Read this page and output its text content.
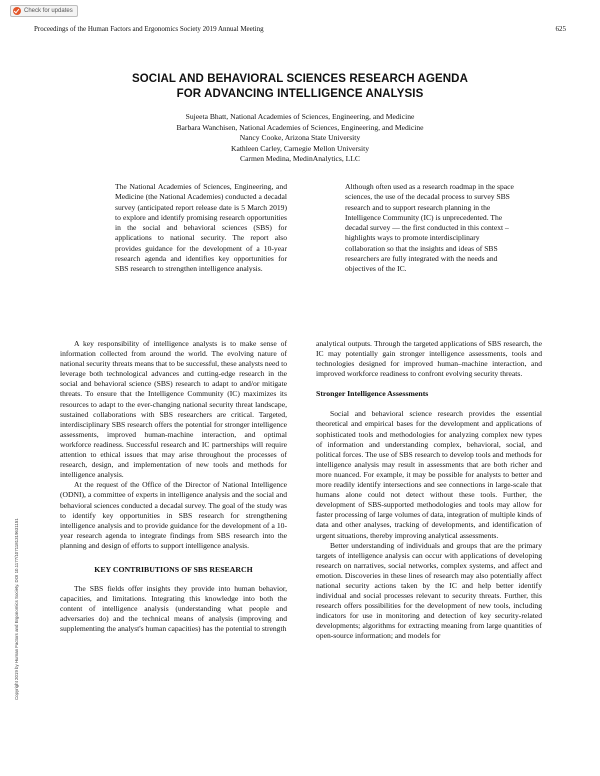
Check for updates
Proceedings of the Human Factors and Ergonomics Society 2019 Annual Meeting	625
SOCIAL AND BEHAVIORAL SCIENCES RESEARCH AGENDA
FOR ADVANCING INTELLIGENCE ANALYSIS
Sujeeta Bhatt, National Academies of Sciences, Engineering, and Medicine
Barbara Wanchisen, National Academies of Sciences, Engineering, and Medicine
Nancy Cooke, Arizona State University
Kathleen Carley, Carnegie Mellon University
Carmen Medina, MedinAnalytics, LLC
The National Academies of Sciences, Engineering, and Medicine (the National Academies) conducted a decadal survey (anticipated report release date is 5 March 2019) to explore and identify promising research opportunities in the social and behavioral sciences (SBS) for applications to national security. The report also provides guidance for the development of a 10-year research agenda and identifies key opportunities for SBS research to strengthen intelligence analysis.
Although often used as a research roadmap in the space sciences, the use of the decadal process to survey SBS research and to support research planning in the Intelligence Community (IC) is unprecedented. The decadal survey — the first conducted in this context – highlights ways to promote interdisciplinary collaboration so that the insights and ideas of SBS researchers are fully integrated with the needs and objectives of the IC.

A key responsibility of intelligence analysts is to make sense of information collected from around the world. The evolving nature of national security threats means that to be successful, these analysts need to leverage both technological advances and cutting-edge research in the social and behavioral science (SBS) research to adapt to and/or mitigate threats. To ensure that the Intelligence Community (IC) maximizes its resources to adapt to the ever-changing national security threat landscape, sustained collaborations with SBS researchers are critical. Targeted, interdisciplinary SBS research offers the potential for stronger intelligence assessments, improved human-machine interaction, and optimal workforce readiness. Successful research and IC partnerships will require attention to ethical issues that may arise throughout the processes of research, design, and implementation of new tools and methods for intelligence analysis.

At the request of the Office of the Director of National Intelligence (ODNI), a committee of experts in intelligence analysis and the social and behavioral sciences conducted a decadal survey. The goal of the study was to identify key opportunities in SBS research for strengthening intelligence analysis and to provide guidance for the development of a 10-year research agenda to integrate findings from SBS research into the planning and design of efforts to support intelligence analysis.

KEY CONTRIBUTIONS OF SBS RESEARCH

The SBS fields offer insights they provide into human behavior, capacities, and limitations. Integrating this knowledge into both the content of intelligence analysis (understanding what people and adversaries do) and the technical means of analysis (improving and supplementing the analyst's human capacities) has the potential to strength

analytical outputs. Through the targeted applications of SBS research, the IC may potentially gain stronger intelligence assessments, tools and technologies designed for improved human–machine interaction, and improved workforce readiness to confront evolving security threats.

Stronger Intelligence Assessments

Social and behavioral science research provides the essential theoretical and empirical bases for the development and applications of sophisticated tools and methodologies for analyzing complex new types of information and understanding complex, behavioral, social, and political forces. The use of SBS research to develop tools and methods for intelligence analysis may result in assessments that are both richer and more nuanced. For example, it may be possible for analysts to better and more readily identify intersections and see connections in large-scale that humans alone could not detect without these tools. Further, the development of SBS-supported methodologies and tools may allow for faster processing of large volumes of data, integration of multiple kinds of data and other analyses, tracking of developments, and identification of urgent situations, thereby improving analytical assessments.

Better understanding of individuals and groups that are the primary targets of intelligence analysis can occur with applications of developing research on narratives, social networks, complex systems, and affect and emotion. Discoveries in these lines of research may also potentially affect national security actions taken by the IC and help better identify individual and social processes relevant to security threats. Further, this research offers possibilities for the development of new tools, including indicators for use in monitoring and detection of key security-related developments; algorithms for extracting meaning from large quantities of open-source information; and models for

Copyright 2019 by Human Factors and Ergonomics Society. DOI 10.1177/1071181319631151
